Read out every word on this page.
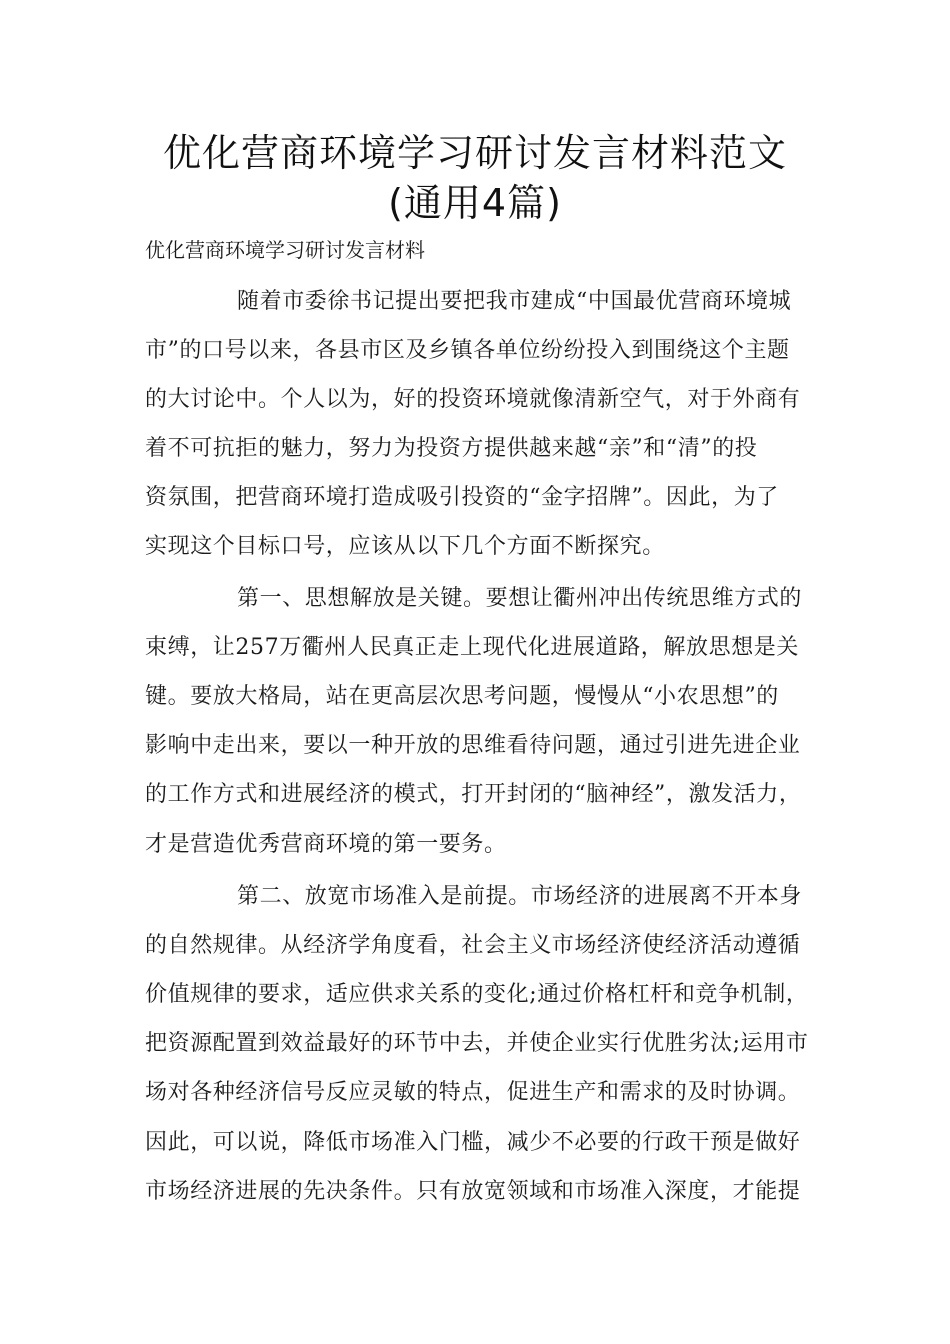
优化营商环境学习研讨发言材料范文
(通用4篇)

优化营商环境学习研讨发言材料

随着市委徐书记提出要把我市建成“中国最优营商环境城

市”的口号以来，各县市区及乡镇各单位纷纷投入到围绕这个主题

的大讨论中。个人以为，好的投资环境就像清新空气，对于外商有

着不可抗拒的魅力，努力为投资方提供越来越“亲”和“清”的投

资氛围，把营商环境打造成吸引投资的“金字招牌”。因此，为了

实现这个目标口号，应该从以下几个方面不断探究。

第一、思想解放是关键。要想让衢州冲出传统思维方式的

束缚，让257万衢州人民真正走上现代化进展道路，解放思想是关

键。要放大格局，站在更高层次思考问题，慢慢从“小农思想”的

影响中走出来，要以一种开放的思维看待问题，通过引进先进企业

的工作方式和进展经济的模式，打开封闭的“脑神经”，激发活力，

才是营造优秀营商环境的第一要务。

第二、放宽市场准入是前提。市场经济的进展离不开本身

的自然规律。从经济学角度看，社会主义市场经济使经济活动遵循

价值规律的要求，适应供求关系的变化;通过价格杠杆和竞争机制，

把资源配置到效益最好的环节中去，并使企业实行优胜劣汰;运用市

场对各种经济信号反应灵敏的特点，促进生产和需求的及时协调。

因此，可以说，降低市场准入门槛，减少不必要的行政干预是做好

市场经济进展的先决条件。只有放宽领域和市场准入深度，才能提
